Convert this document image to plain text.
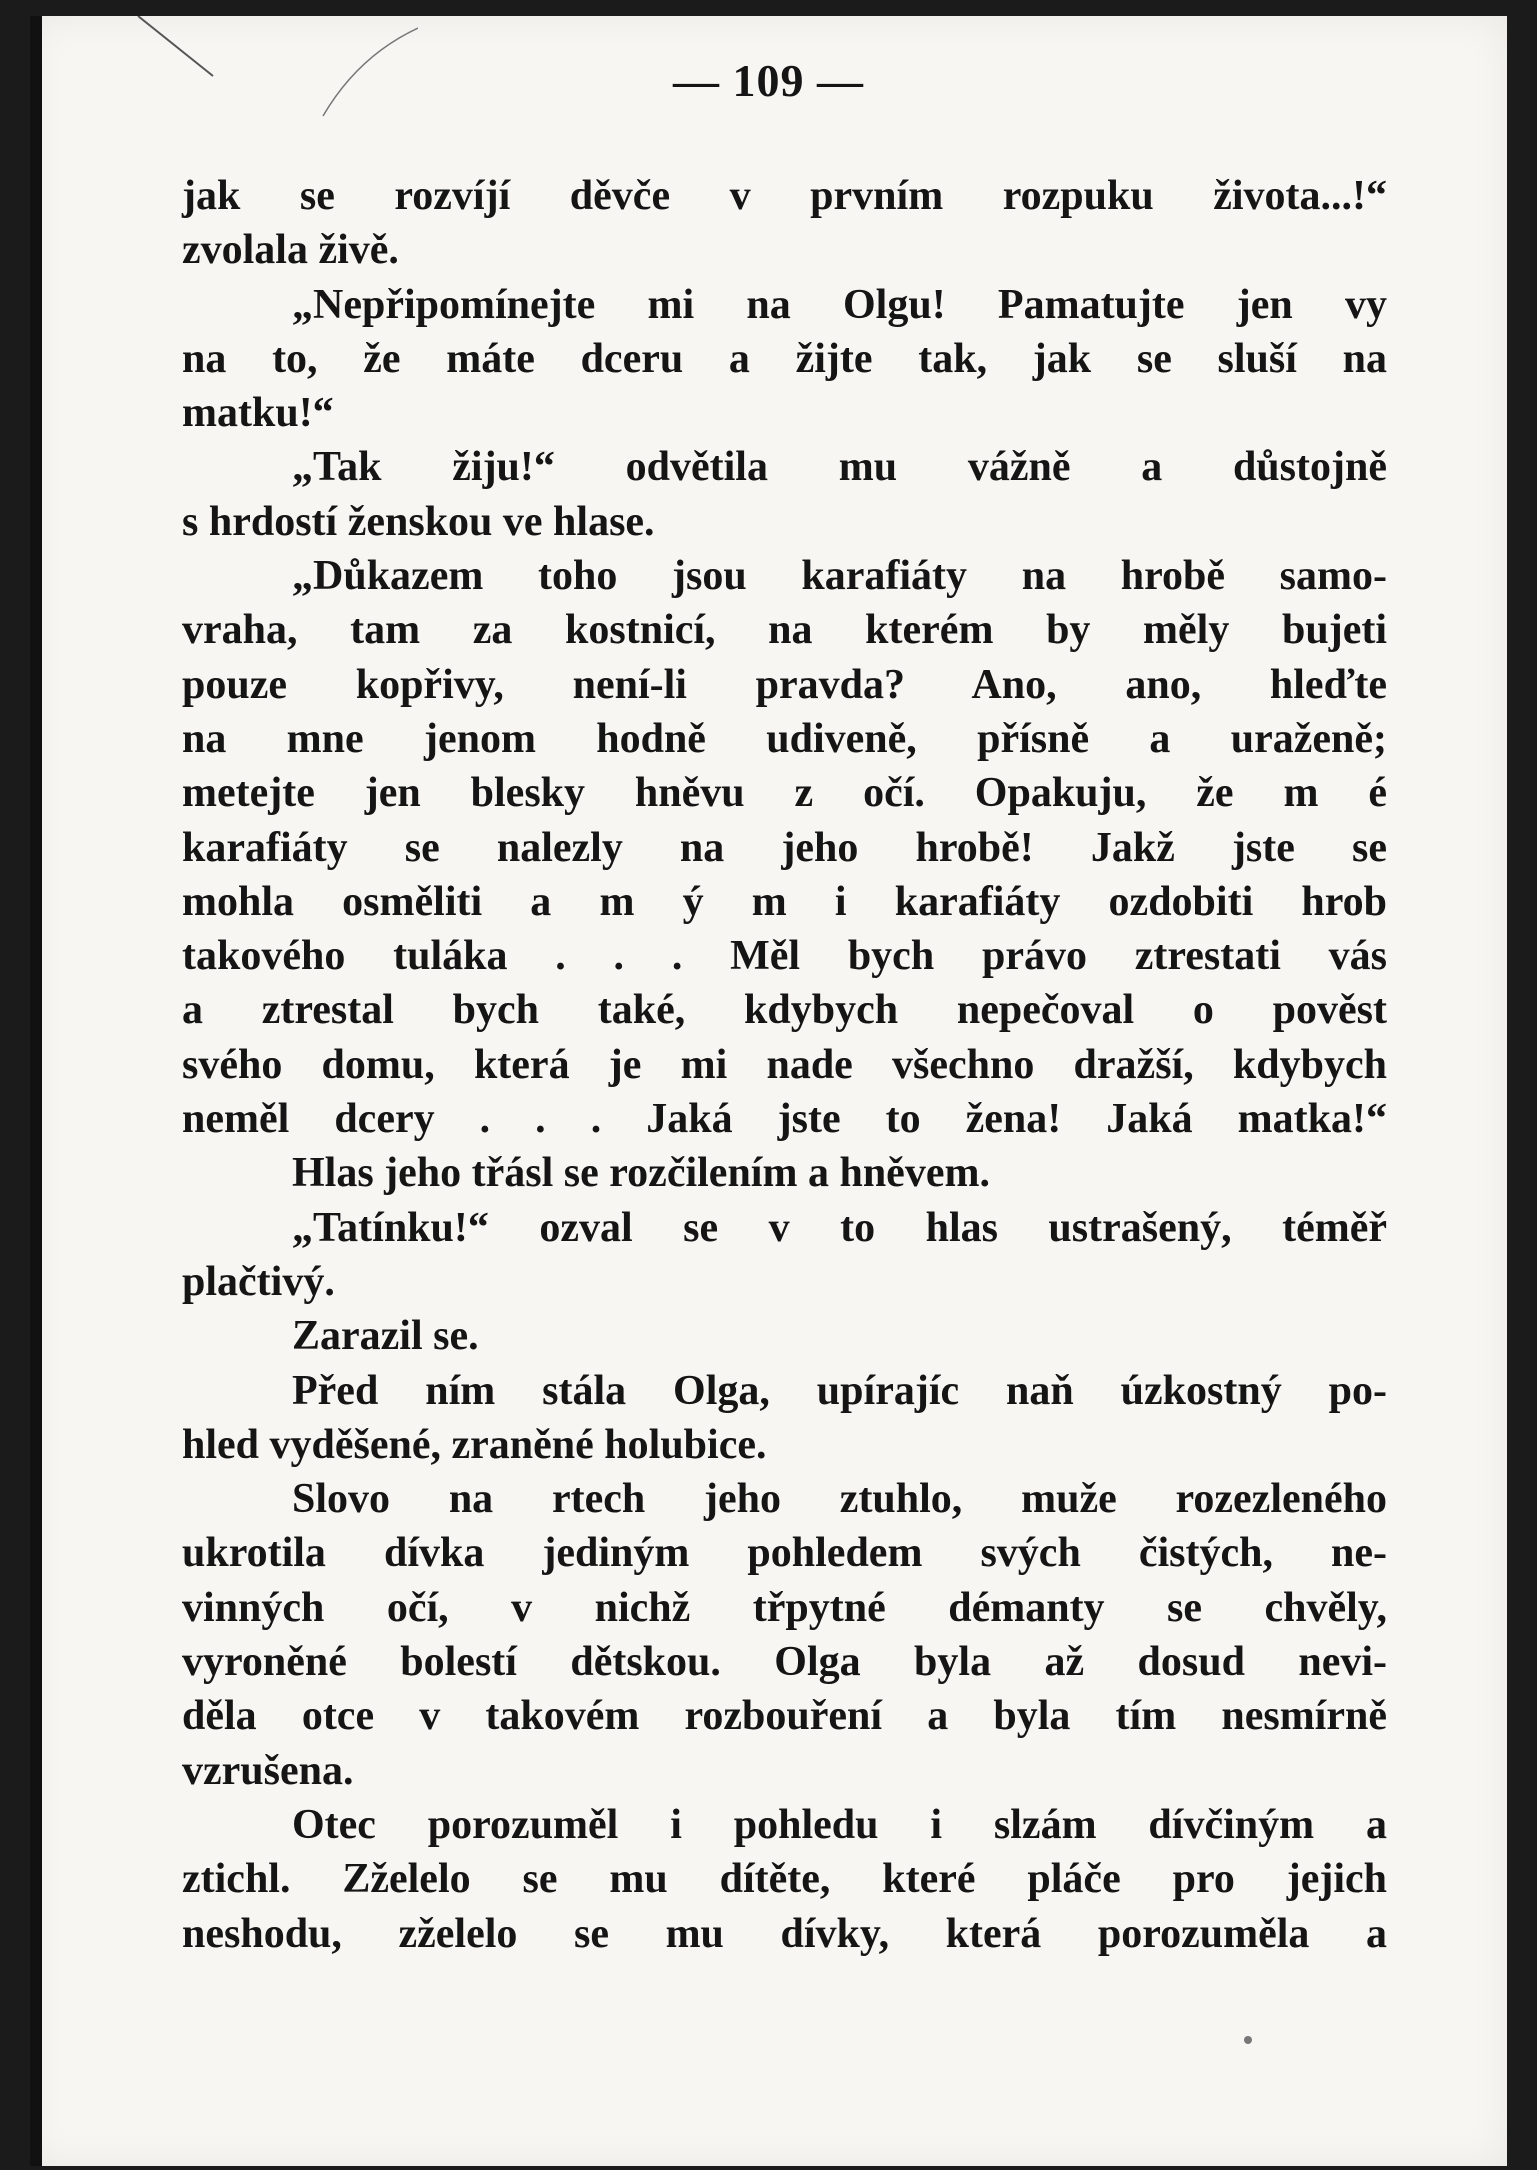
— 109 —
jak se rozvíjí děvče v prvním rozpuku života...!“
zvolala živě.
„Nepřipomínejte mi na Olgu! Pamatujte jen vy
na to, že máte dceru a žijte tak, jak se sluší na
matku!“
„Tak žiju!“ odvětila mu vážně a důstojně
s hrdostí ženskou ve hlase.
„Důkazem toho jsou karafiáty na hrobě samo-
vraha, tam za kostnicí, na kterém by měly bujeti
pouze kopřivy, není-li pravda? Ano, ano, hleďte
na mne jenom hodně udiveně, přísně a uraženě;
metejte jen blesky hněvu z očí. Opakuju, že m é
karafiáty se nalezly na jeho hrobě! Jakž jste se
mohla osměliti a m ý m i karafiáty ozdobiti hrob
takového tuláka . . . Měl bych právo ztrestati vás
a ztrestal bych také, kdybych nepečoval o pověst
svého domu, která je mi nade všechno dražší, kdybych
neměl dcery . . . Jaká jste to žena! Jaká matka!“
Hlas jeho třásl se rozčilením a hněvem.
„Tatínku!“ ozval se v to hlas ustrašený, téměř
plačtivý.
Zarazil se.
Před ním stála Olga, upírajíc naň úzkostný po-
hled vyděšené, zraněné holubice.
Slovo na rtech jeho ztuhlo, muže rozezleného
ukrotila dívka jediným pohledem svých čistých, ne-
vinných očí, v nichž třpytné démanty se chvěly,
vyroněné bolestí dětskou. Olga byla až dosud nevi-
děla otce v takovém rozbouření a byla tím nesmírně
vzrušena.
Otec porozuměl i pohledu i slzám dívčiným a
ztichl. Zželelo se mu dítěte, které pláče pro jejich
neshodu, zželelo se mu dívky, která porozuměla a
